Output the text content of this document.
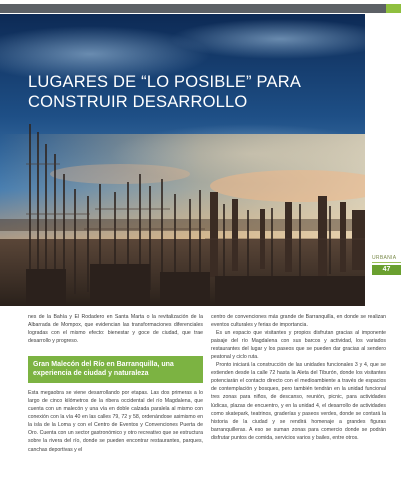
LUGARES DE “LO POSIBLE” PARA
CONSTRUIR DESARROLLO
URBANIA
47

nes de la Bahía y El Rodadero en Santa Marta o la revitalización de la Albarrada de Mompox, que evidencian las transformaciones diferenciales logradas con el mismo efecto: bienestar y goce de ciudad, que trae desarrollo y progreso.

Gran Malecón del Río en Barranquilla, una experiencia de ciudad y naturaleza

Esta megaobra se viene desarrollando por etapas. Las dos primeras a lo largo de cinco kilómetros de la ribera occidental del río Magdalena, que cuenta con un malecón y una vía en doble calzada paralela al mismo con conexión con la vía 40 en las calles 79, 72 y 58, ordenándose asimismo en la isla de la Loma y con el Centro de Eventos y Convenciones Puerta de Oro. Cuenta con un sector gastronómico y otro recreativo que se estructura sobre la rivera del río, donde se pueden encontrar restaurantes, parques, canchas deportivas y el

centro de convenciones más grande de Barranquilla, en donde se realizan eventos culturales y ferias de importancia.

Es un espacio que visitantes y propios disfrutan gracias al imponente paisaje del río Magdalena con sus barcos y actividad, los variados restaurantes del lugar y los paseos que se pueden dar gracias al sendero peatonal y ciclo ruta.

Pronto iniciará la construcción de las unidades funcionales 3 y 4, que se extienden desde la calle 72 hasta la Aleta del Tiburón, donde los visitantes potenciarán el contacto directo con el medioambiente a través de espacios de contemplación y bosques, pero también tendrán en la unidad funcional tres zonas para niños, de descanso, reunión, picnic, para actividades lúdicas, plazas de encuentro, y en la unidad 4, el desarrollo de actividades como skatepark, teatrinos, graderías y paseos verdes, donde se contará la historia de la ciudad y se rendirá homenaje a grandes figuras barranquilleras. A eso se suman zonas para comercio donde se podrán disfrutar puntos de comida, servicios varios y bailes, entre otros.
